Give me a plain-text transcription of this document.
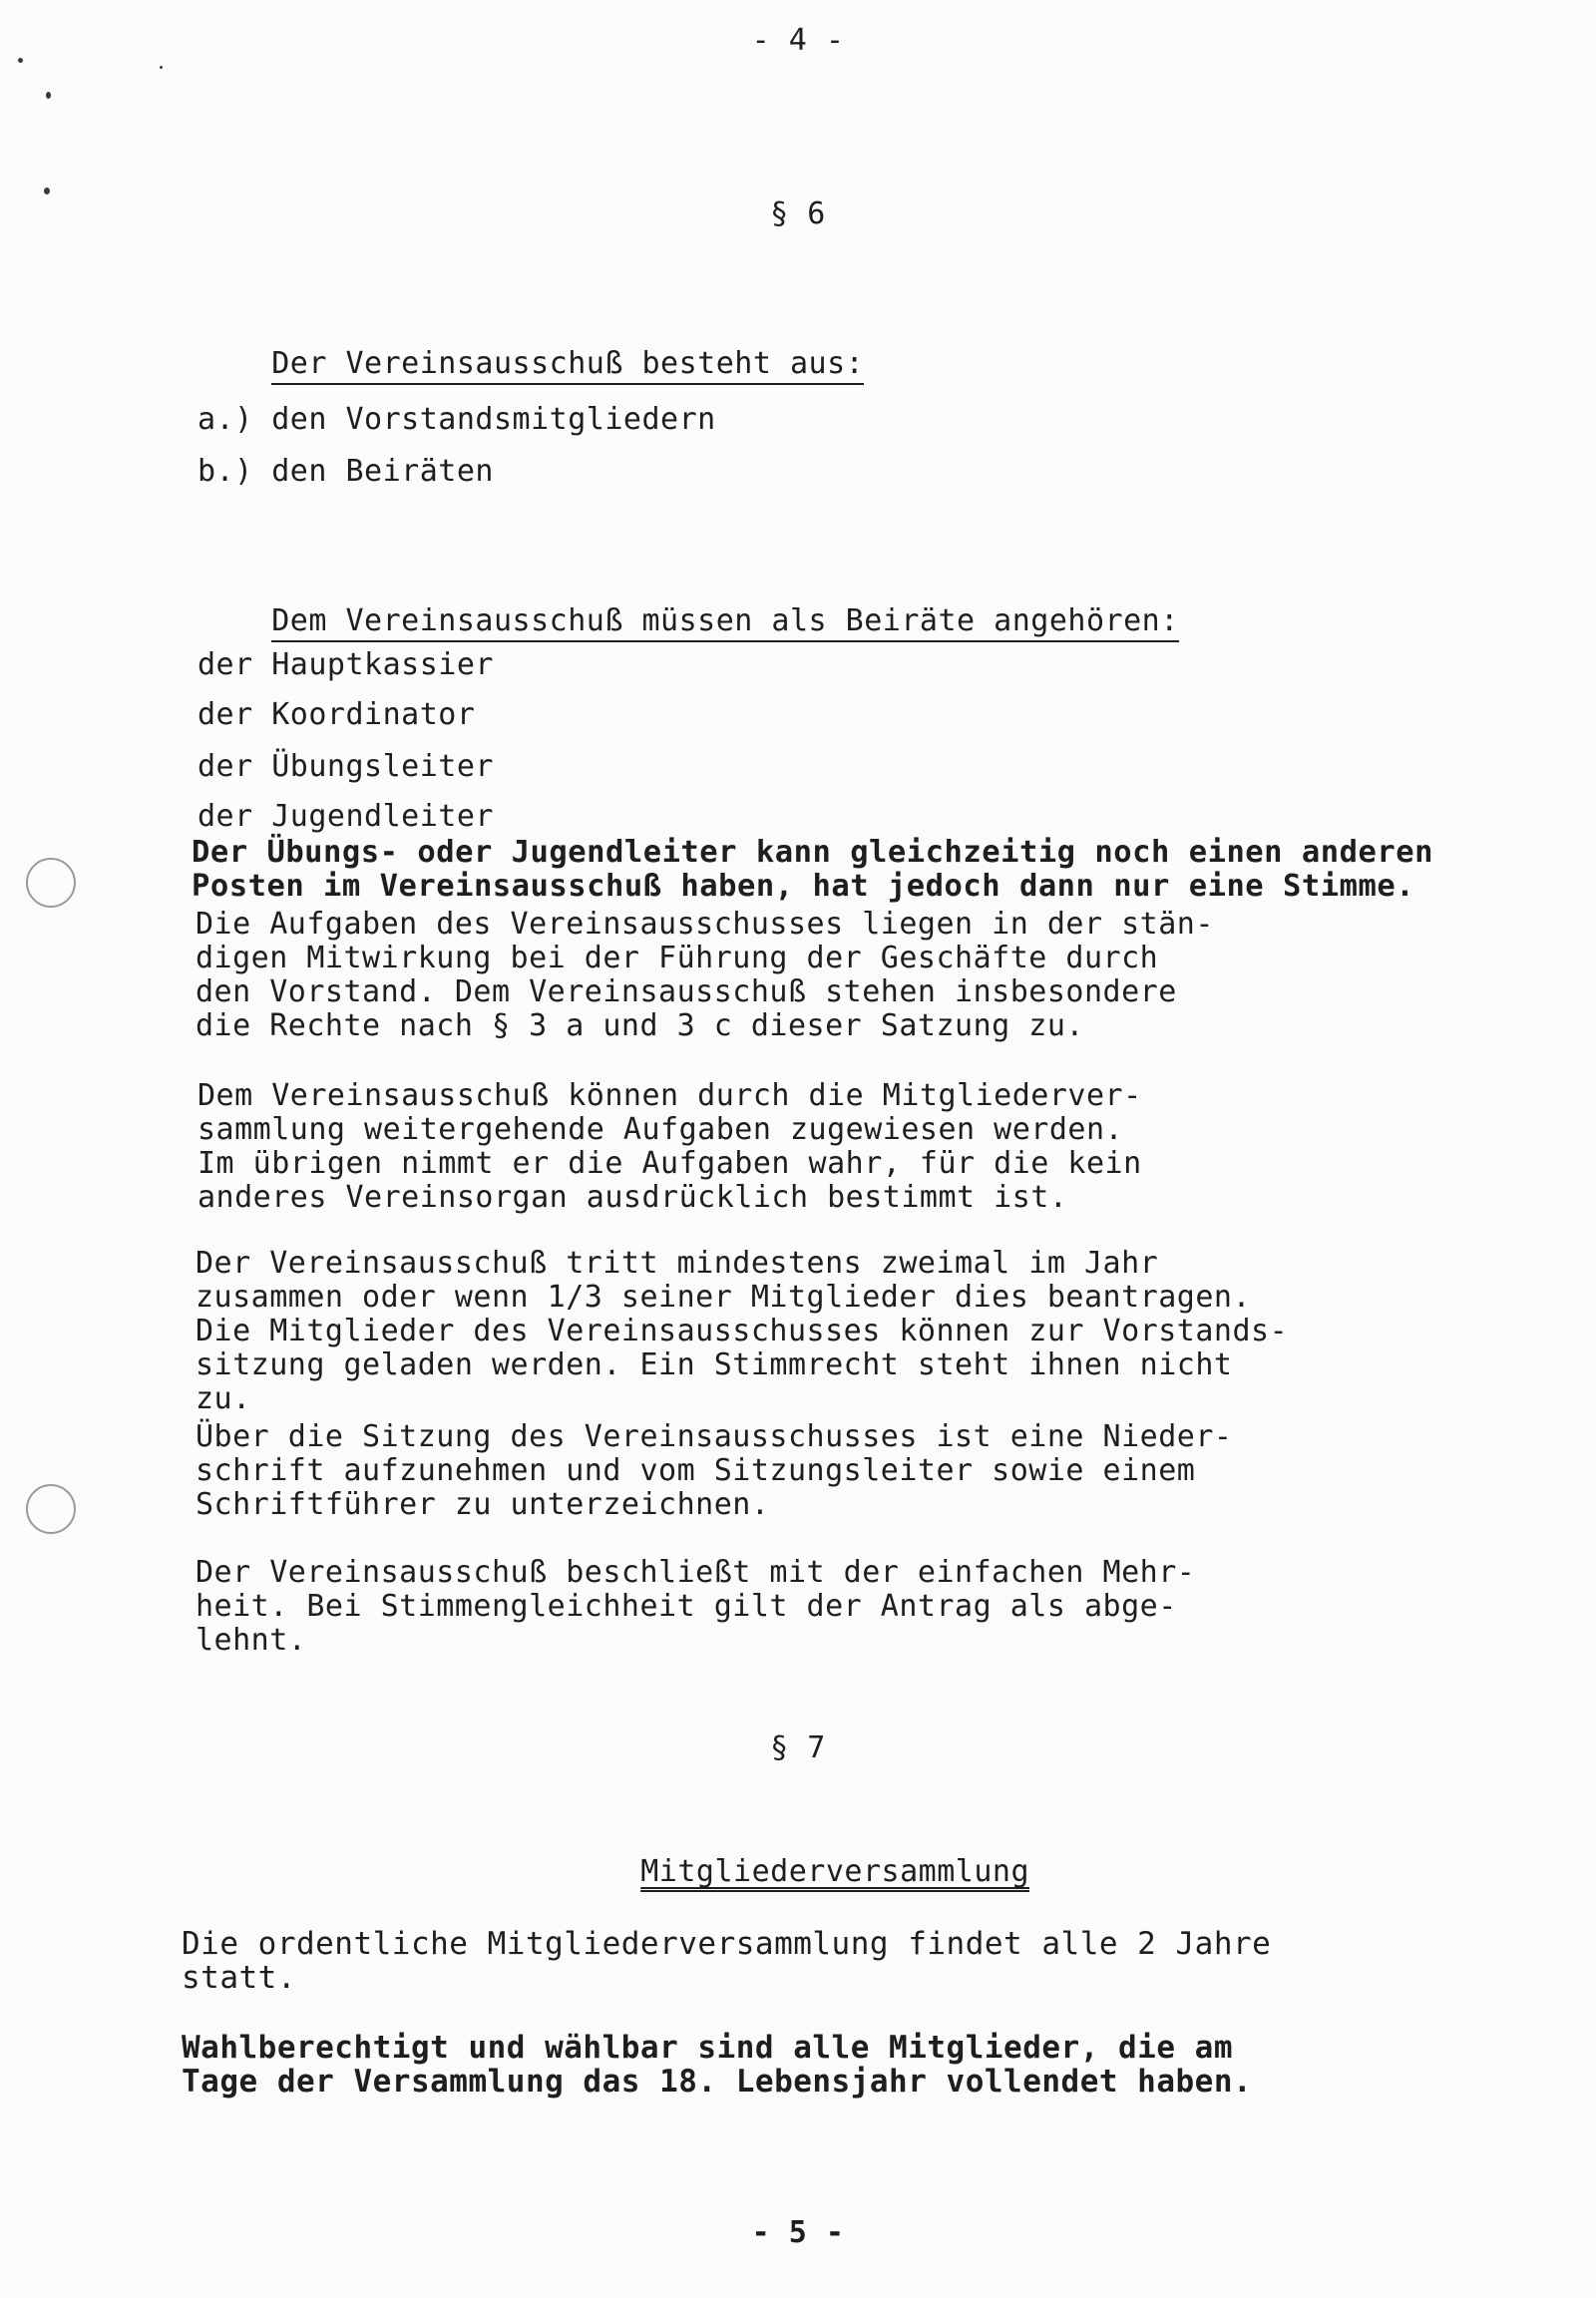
- 4 -

§ 6

Der Vereinsausschuß besteht aus:

a.) den Vorstandsmitgliedern

b.) den Beiräten

Dem Vereinsausschuß müssen als Beiräte angehören:

der Hauptkassier

der Koordinator

der Übungsleiter

der Jugendleiter

Der Übungs- oder Jugendleiter kann gleichzeitig noch einen anderen
Posten im Vereinsausschuß haben, hat jedoch dann nur eine Stimme.
Die Aufgaben des Vereinsausschusses liegen in der stän-
digen Mitwirkung bei der Führung der Geschäfte durch
den Vorstand. Dem Vereinsausschuß stehen insbesondere
die Rechte nach § 3 a und 3 c dieser Satzung zu.
Dem Vereinsausschuß können durch die Mitgliederver-
sammlung weitergehende Aufgaben zugewiesen werden.
Im übrigen nimmt er die Aufgaben wahr, für die kein
anderes Vereinsorgan ausdrücklich bestimmt ist.
Der Vereinsausschuß tritt mindestens zweimal im Jahr
zusammen oder wenn 1/3 seiner Mitglieder dies beantragen.
Die Mitglieder des Vereinsausschusses können zur Vorstands-
sitzung geladen werden. Ein Stimmrecht steht ihnen nicht
zu.
Über die Sitzung des Vereinsausschusses ist eine Nieder-
schrift aufzunehmen und vom Sitzungsleiter sowie einem
Schriftführer zu unterzeichnen.
Der Vereinsausschuß beschließt mit der einfachen Mehr-
heit. Bei Stimmengleichheit gilt der Antrag als abge-
lehnt.

§ 7

Mitgliederversammlung

Die ordentliche Mitgliederversammlung findet alle 2 Jahre
statt.
Wahlberechtigt und wählbar sind alle Mitglieder, die am
Tage der Versammlung das 18. Lebensjahr vollendet haben.

- 5 -
